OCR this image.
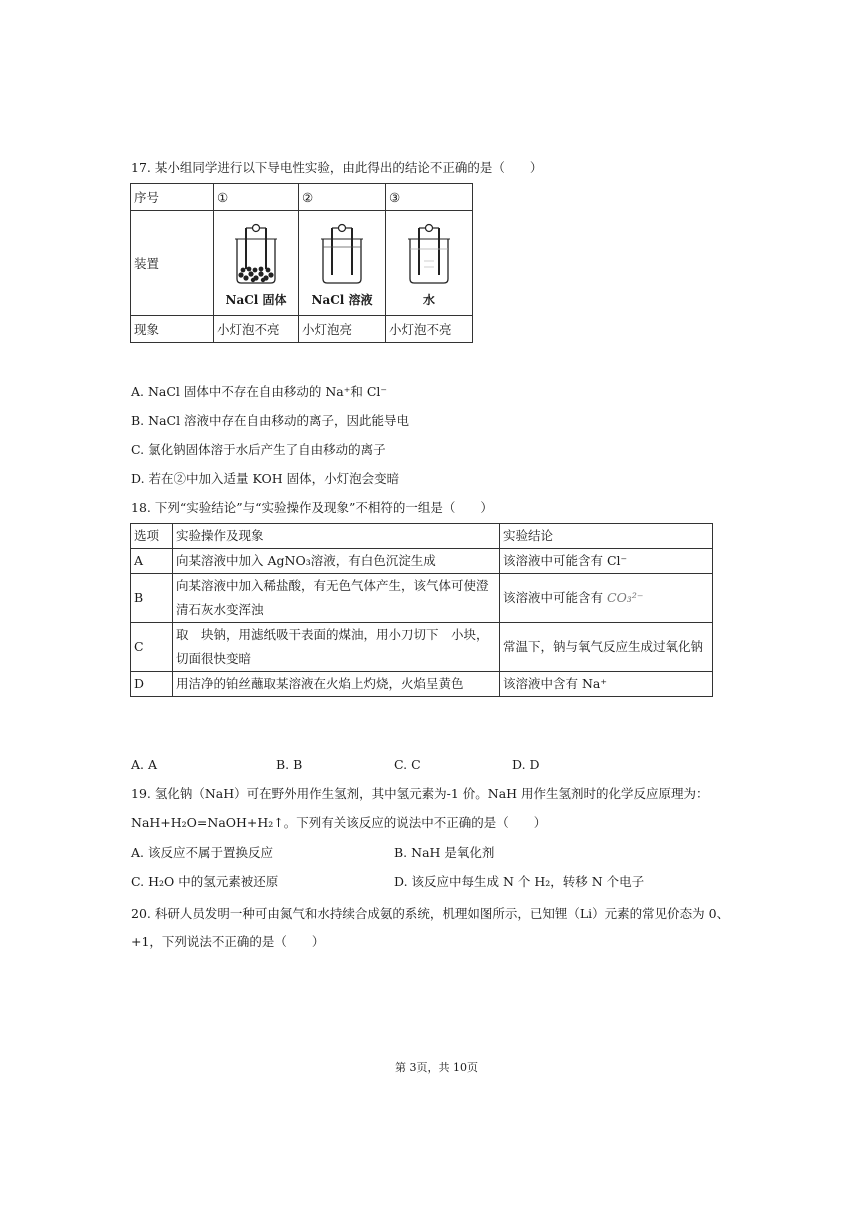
17. 某小组同学进行以下导电性实验，由此得出的结论不正确的是（　　）
序号	①	②	③
装置	NaCl 固体	NaCl 溶液	水

现象	小灯泡不亮	小灯泡亮	小灯泡不亮
A. NaCl 固体中不存在自由移动的 Na⁺和 Cl⁻
B. NaCl 溶液中存在自由移动的离子，因此能导电
C. 氯化钠固体溶于水后产生了自由移动的离子
D. 若在②中加入适量 KOH 固体，小灯泡会变暗
18. 下列“实验结论”与“实验操作及现象”不相符的一组是（　　）
选项	实验操作及现象	实验结论
A	向某溶液中加入 AgNO₃溶液，有白色沉淀生成	该溶液中可能含有 Cl⁻
B	向某溶液中加入稀盐酸，有无色气体产生，该气体可使澄
清石灰水变浑浊	该溶液中可能含有 CO₃²⁻
C	取　块钠，用滤纸吸干表面的煤油，用小刀切下　小块，
切面很快变暗	常温下，钠与氧气反应生成过氧化钠
D	用洁净的铂丝蘸取某溶液在火焰上灼烧，火焰呈黄色	该溶液中含有 Na⁺
A. A	B. B	C. C	D. D
19. 氢化钠（NaH）可在野外用作生氢剂，其中氢元素为-1 价。NaH 用作生氢剂时的化学反应原理为：
NaH+H₂O=NaOH+H₂↑。下列有关该反应的说法中不正确的是（　　）
A. 该反应不属于置换反应	B. NaH 是氧化剂
C. H₂O 中的氢元素被还原	D. 该反应中每生成 N 个 H₂，转移 N 个电子
20. 科研人员发明一种可由氮气和水持续合成氨的系统，机理如图所示，已知锂（Li）元素的常见价态为 0、
+1，下列说法不正确的是（　　）
第 3页，共 10页
